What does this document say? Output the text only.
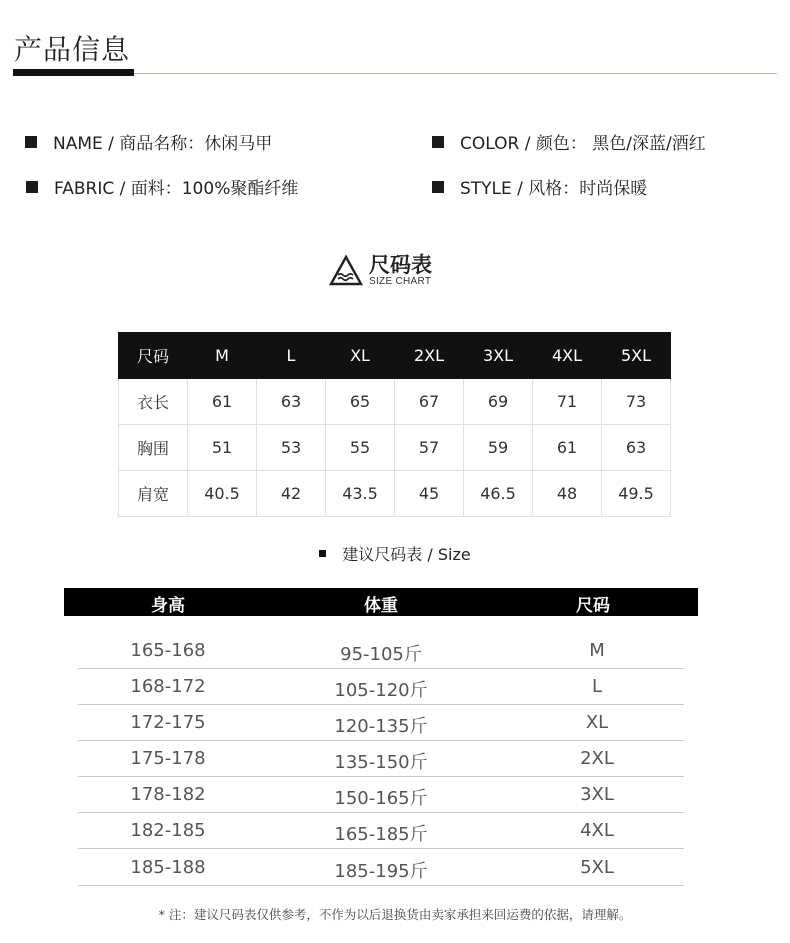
产品信息
NAME / 商品名称：休闲马甲	COLOR / 颜色： 黑色/深蓝/酒红
FABRIC / 面料：100%聚酯纤维	STYLE / 风格：时尚保暖
尺码表
SIZE CHART
尺码	M	L	XL	2XL	3XL	4XL	5XL
衣长	61	63	65	67	69	71	73
胸围	51	53	55	57	59	61	63
肩宽	40.5	42	43.5	45	46.5	48	49.5
建议尺码表 / Size
身高	体重	尺码
165-168	95-105斤	M
168-172	105-120斤	L
172-175	120-135斤	XL
175-178	135-150斤	2XL
178-182	150-165斤	3XL
182-185	165-185斤	4XL
185-188	185-195斤	5XL
* 注：建议尺码表仅供参考，不作为以后退换货由卖家承担来回运费的依据，请理解。
